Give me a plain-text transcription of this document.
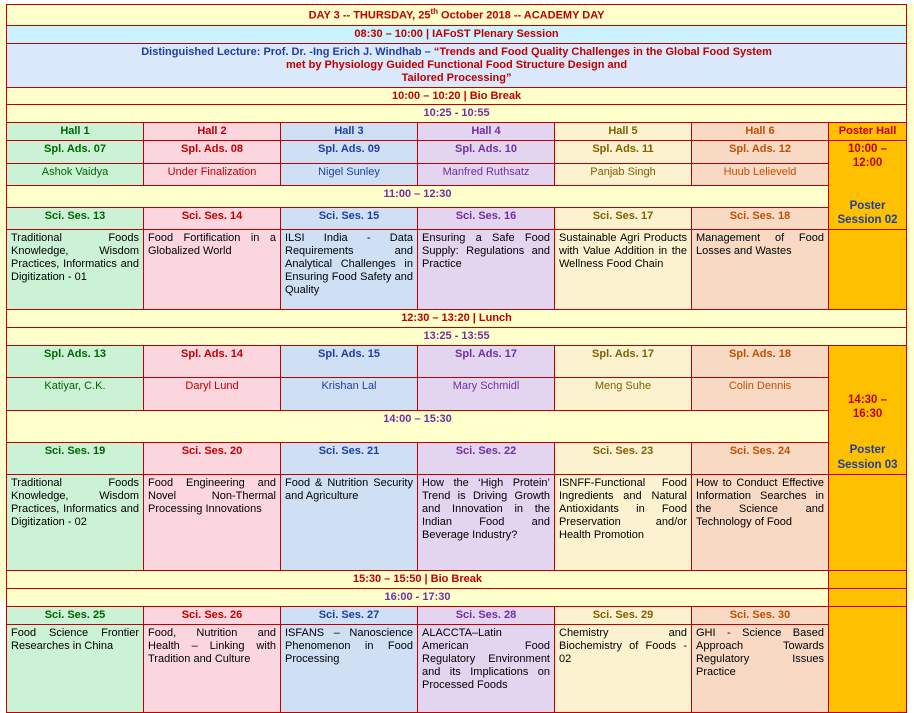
DAY 3 -- THURSDAY, 25th October 2018 -- ACADEMY DAY						
08:30 – 10:00 | IAFoST Plenary Session						
Distinguished Lecture: Prof. Dr. -Ing Erich J. Windhab – “Trends and Food Quality Challenges in the Global Food System
met by Physiology Guided Functional Food Structure Design and
Tailored Processing”						
10:00 – 10:20 | Bio Break						
10:25 - 10:55						
Hall 1	Hall 2	Hall 3	Hall 4	Hall 5	Hall 6	Poster Hall
Spl. Ads. 07	Spl. Ads. 08	Spl. Ads. 09	Spl. Ads. 10	Spl. Ads. 11	Spl. Ads. 12	10:00 – 12:00
Poster
Session 02

Ashok Vaidya	Under Finalization	Nigel Sunley	Manfred Ruthsatz	Panjab Singh	Huub Lelieveld	
11:00 – 12:30						
Sci. Ses. 13	Sci. Ses. 14	Sci. Ses. 15	Sci. Ses. 16	Sci. Ses. 17	Sci. Ses. 18	
Traditional Foods Knowledge, Wisdom Practices, Informatics and Digitization - 01	Food Fortification in a Globalized World	ILSI India - Data Requirements and Analytical Challenges in Ensuring Food Safety and Quality	Ensuring a Safe Food Supply: Regulations and Practice	Sustainable Agri Products with Value Addition in the Wellness Food Chain	Management of Food Losses and Wastes	
12:30 – 13:20 | Lunch						
13:25 - 13:55						
Spl. Ads. 13	Spl. Ads. 14	Spl. Ads. 15	Spl. Ads. 17	Spl. Ads. 17	Spl. Ads. 18	14:30 – 16:30
Poster
Session 03

Katiyar, C.K.	Daryl Lund	Krishan Lal	Mary Schmidl	Meng Suhe	Colin Dennis	
14:00 – 15:30						
Sci. Ses. 19	Sci. Ses. 20	Sci. Ses. 21	Sci. Ses. 22	Sci. Ses. 23	Sci. Ses. 24	
Traditional Foods Knowledge, Wisdom Practices, Informatics and Digitization - 02	Food Engineering and Novel Non-Thermal Processing Innovations	Food & Nutrition Security and Agriculture	How the ‘High Protein’ Trend is Driving Growth and Innovation in the Indian Food and Beverage Industry?	ISNFF-Functional Food Ingredients and Natural Antioxidants in Food Preservation and/or Health Promotion	How to Conduct Effective Information Searches in the Science and Technology of Food	
15:30 – 15:50 | Bio Break						
16:00 - 17:30						
Sci. Ses. 25	Sci. Ses. 26	Sci. Ses. 27	Sci. Ses. 28	Sci. Ses. 29	Sci. Ses. 30	
Food Science Frontier Researches in China	Food, Nutrition and Health – Linking with Tradition and Culture	ISFANS – Nanoscience Phenomenon in Food Processing	ALACCTA–Latin American Food Regulatory Environment and its Implications on Processed Foods	Chemistry and Biochemistry of Foods - 02	GHI - Science Based Approach Towards Regulatory Issues Practice	
